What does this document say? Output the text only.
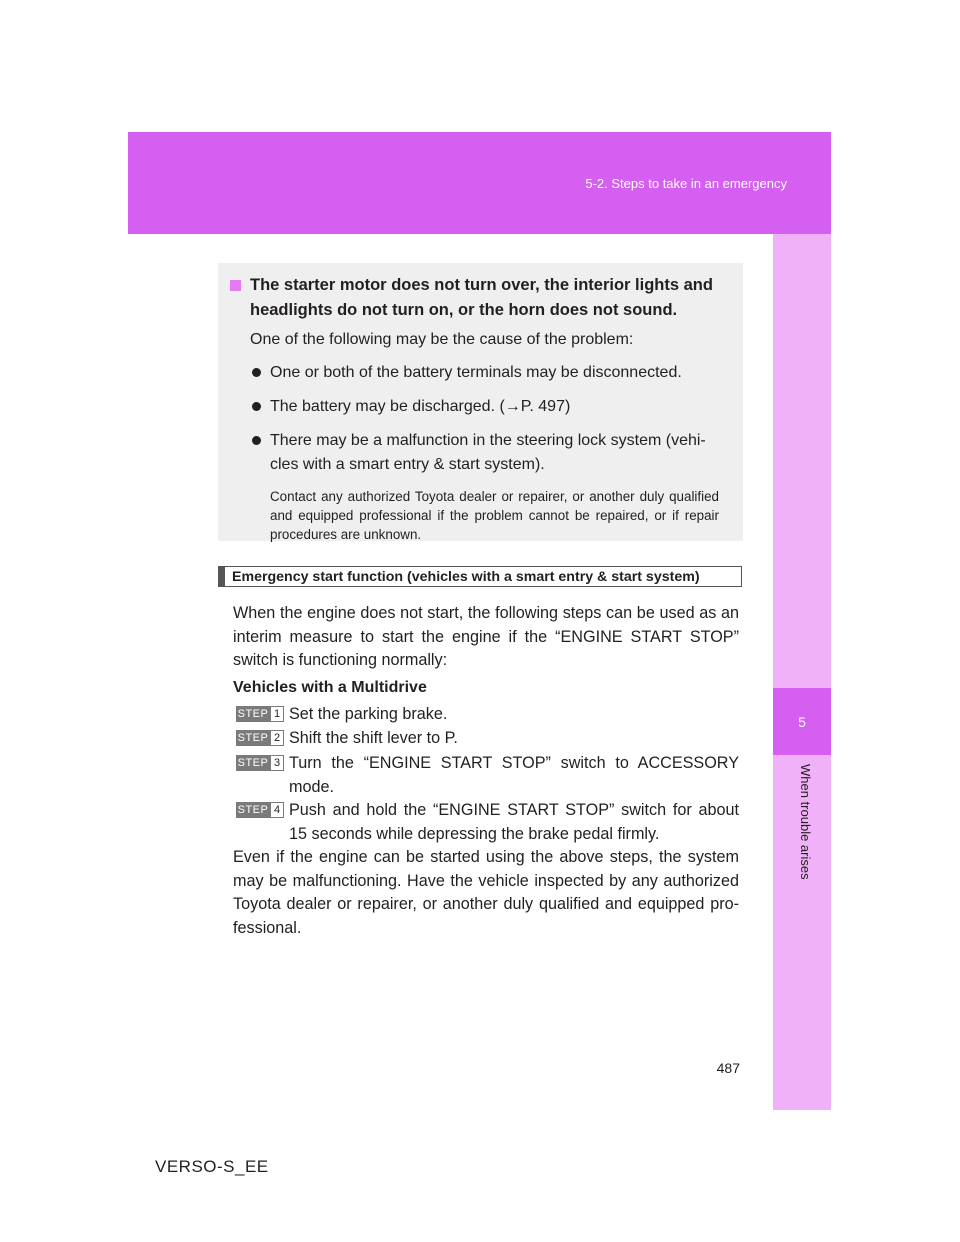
5-2. Steps to take in an emergency
5
When trouble arises
The starter motor does not turn over, the interior lights and headlights do not turn on, or the horn does not sound.
One of the following may be the cause of the problem:
One or both of the battery terminals may be disconnected.
The battery may be discharged. (→P. 497)
There may be a malfunction in the steering lock system (vehi-cles with a smart entry & start system).
Contact any authorized Toyota dealer or repairer, or another duly qualified and equipped professional if the problem cannot be repaired, or if repair procedures are unknown.
Emergency start function (vehicles with a smart entry & start system)
When the engine does not start, the following steps can be used as an interim measure to start the engine if the “ENGINE START STOP” switch is functioning normally:
Vehicles with a Multidrive
STEP 1 Set the parking brake.
STEP 2 Shift the shift lever to P.
STEP 3 Turn the “ENGINE START STOP” switch to ACCESSORY mode.
STEP 4 Push and hold the “ENGINE START STOP” switch for about 15 seconds while depressing the brake pedal firmly.
Even if the engine can be started using the above steps, the system may be malfunctioning. Have the vehicle inspected by any authorized Toyota dealer or repairer, or another duly qualified and equipped pro-fessional.
487
VERSO-S_EE
